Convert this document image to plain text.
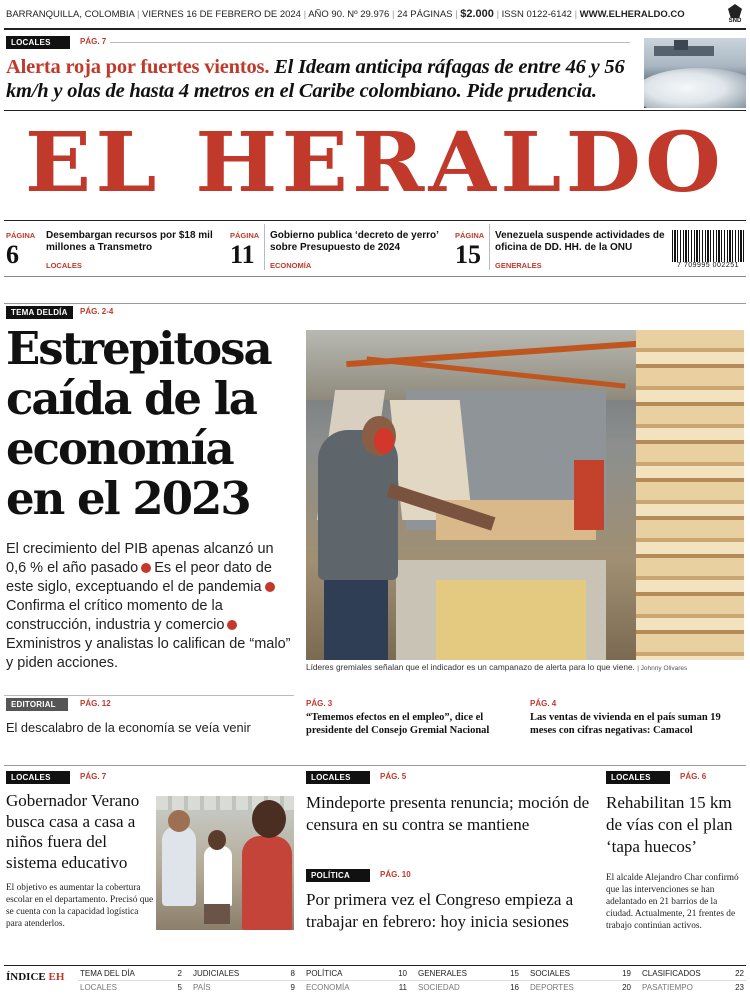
BARRANQUILLA, COLOMBIA | VIERNES 16 DE FEBRERO DE 2024 | AÑO 90. Nº 29.976 | 24 PÁGINAS | $2.000 | ISSN 0122-6142 | WWW.ELHERALDO.CO
SND
LOCALES	PÁG. 7
Alerta roja por fuertes vientos. El Ideam anticipa ráfagas de entre 46 y 56 km/h y olas de hasta 4 metros en el Caribe colombiano. Pide prudencia.
EL HERALDO
PÁGINA
6
Desembargan recursos por $18 mil millones a Transmetro
LOCALES
PÁGINA
11
Gobierno publica ‘decreto de yerro’ sobre Presupuesto de 2024
ECONOMÍA
PÁGINA
15
Venezuela suspende actividades de oficina de DD. HH. de la ONU
GENERALES	7 709995 002251
TEMA DELDÍA	PÁG. 2-4
Estrepitosa caída de la economía en el 2023
El crecimiento del PIB apenas alcanzó un 0,6 % el año pasado Es el peor dato de este siglo, exceptuando el de pandemiaConfirma el crítico momento de la construcción, industria y comercioExministros y analistas lo califican de “malo” y piden acciones.	Líderes gremiales señalan que el indicador es un campanazo de alerta para lo que viene. | Johnny Olivares
EDITORIAL	PÁG. 12
El descalabro de la economía se veía venir
PÁG. 3
“Tememos efectos en el empleo”, dice el presidente del Consejo Gremial Nacional
PÁG. 4
Las ventas de vivienda en el país suman 19 meses con cifras negativas: Camacol
LOCALES	PÁG. 7
Gobernador Verano busca casa a casa a niños fuera del sistema educativo
El objetivo es aumentar la cobertura escolar en el departamento. Precisó que se cuenta con la capacidad logística para atenderlos.
LOCALES	PÁG. 5
Mindeporte presenta renuncia; moción de censura en su contra se mantiene
POLÍTICA	PÁG. 10
Por primera vez el Congreso empieza a trabajar en febrero: hoy inicia sesiones
LOCALES	PÁG. 6
Rehabilitan 15 km de vías con el plan ‘tapa huecos’
El alcalde Alejandro Char confirmó que las intervenciones se han adelantado en 21 barrios de la ciudad. Actualmente, 21 frentes de trabajo continúan activos.
ÍNDICE EH TEMA DEL DÍA	2 JUDICIALES	8 POLÍTICA	10 GENERALES	15 SOCIALES	19 CLASIFICADOS	22
LOCALES	5 PAÍS	9 ECONOMÍA	11 SOCIEDAD	16 DEPORTES	20 PASATIEMPO	23
